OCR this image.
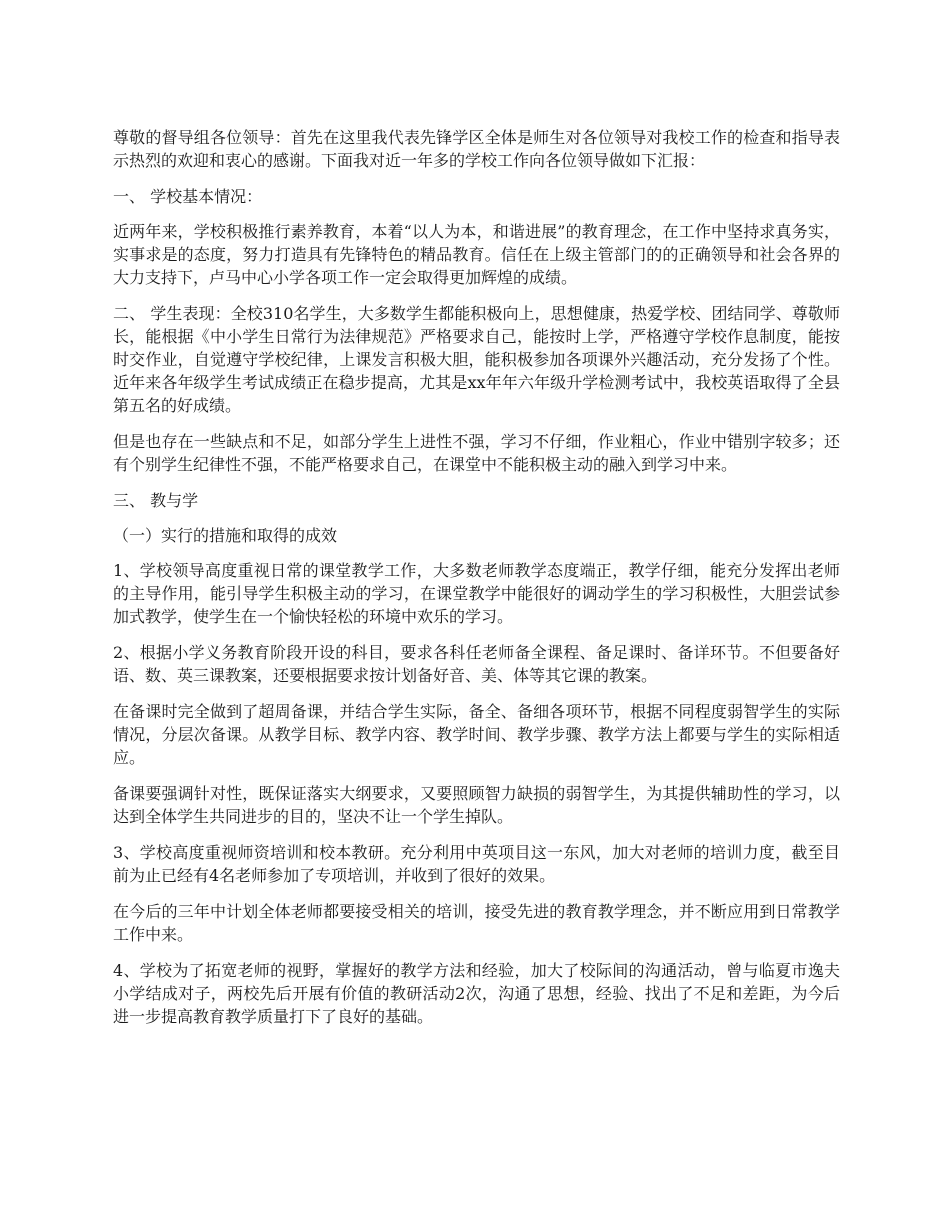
尊敬的督导组各位领导：首先在这里我代表先锋学区全体是师生对各位领导对我校工作的检查和指导表示热烈的欢迎和衷心的感谢。下面我对近一年多的学校工作向各位领导做如下汇报：

一、 学校基本情况：

近两年来，学校积极推行素养教育，本着“以人为本，和谐进展”的教育理念，在工作中坚持求真务实，实事求是的态度，努力打造具有先锋特色的精品教育。信任在上级主管部门的的正确领导和社会各界的大力支持下，卢马中心小学各项工作一定会取得更加辉煌的成绩。

二、 学生表现：全校310名学生，大多数学生都能积极向上，思想健康，热爱学校、团结同学、尊敬师长，能根据《中小学生日常行为法律规范》严格要求自己，能按时上学，严格遵守学校作息制度，能按时交作业，自觉遵守学校纪律，上课发言积极大胆，能积极参加各项课外兴趣活动，充分发扬了个性。近年来各年级学生考试成绩正在稳步提高，尤其是xx年年六年级升学检测考试中，我校英语取得了全县第五名的好成绩。

但是也存在一些缺点和不足，如部分学生上进性不强，学习不仔细，作业粗心，作业中错别字较多；还有个别学生纪律性不强，不能严格要求自己，在课堂中不能积极主动的融入到学习中来。

三、 教与学

（一）实行的措施和取得的成效

1、学校领导高度重视日常的课堂教学工作，大多数老师教学态度端正，教学仔细，能充分发挥出老师的主导作用，能引导学生积极主动的学习，在课堂教学中能很好的调动学生的学习积极性，大胆尝试参加式教学，使学生在一个愉快轻松的环境中欢乐的学习。

2、根据小学义务教育阶段开设的科目，要求各科任老师备全课程、备足课时、备详环节。不但要备好语、数、英三课教案，还要根据要求按计划备好音、美、体等其它课的教案。

在备课时完全做到了超周备课，并结合学生实际，备全、备细各项环节，根据不同程度弱智学生的实际情况，分层次备课。从教学目标、教学内容、教学时间、教学步骤、教学方法上都要与学生的实际相适应。

备课要强调针对性，既保证落实大纲要求，又要照顾智力缺损的弱智学生，为其提供辅助性的学习，以达到全体学生共同进步的目的，坚决不让一个学生掉队。

3、学校高度重视师资培训和校本教研。充分利用中英项目这一东风，加大对老师的培训力度，截至目前为止已经有4名老师参加了专项培训，并收到了很好的效果。

在今后的三年中计划全体老师都要接受相关的培训，接受先进的教育教学理念，并不断应用到日常教学工作中来。

4、学校为了拓宽老师的视野，掌握好的教学方法和经验，加大了校际间的沟通活动，曾与临夏市逸夫小学结成对子，两校先后开展有价值的教研活动2次，沟通了思想，经验、找出了不足和差距，为今后进一步提高教育教学质量打下了良好的基础。
